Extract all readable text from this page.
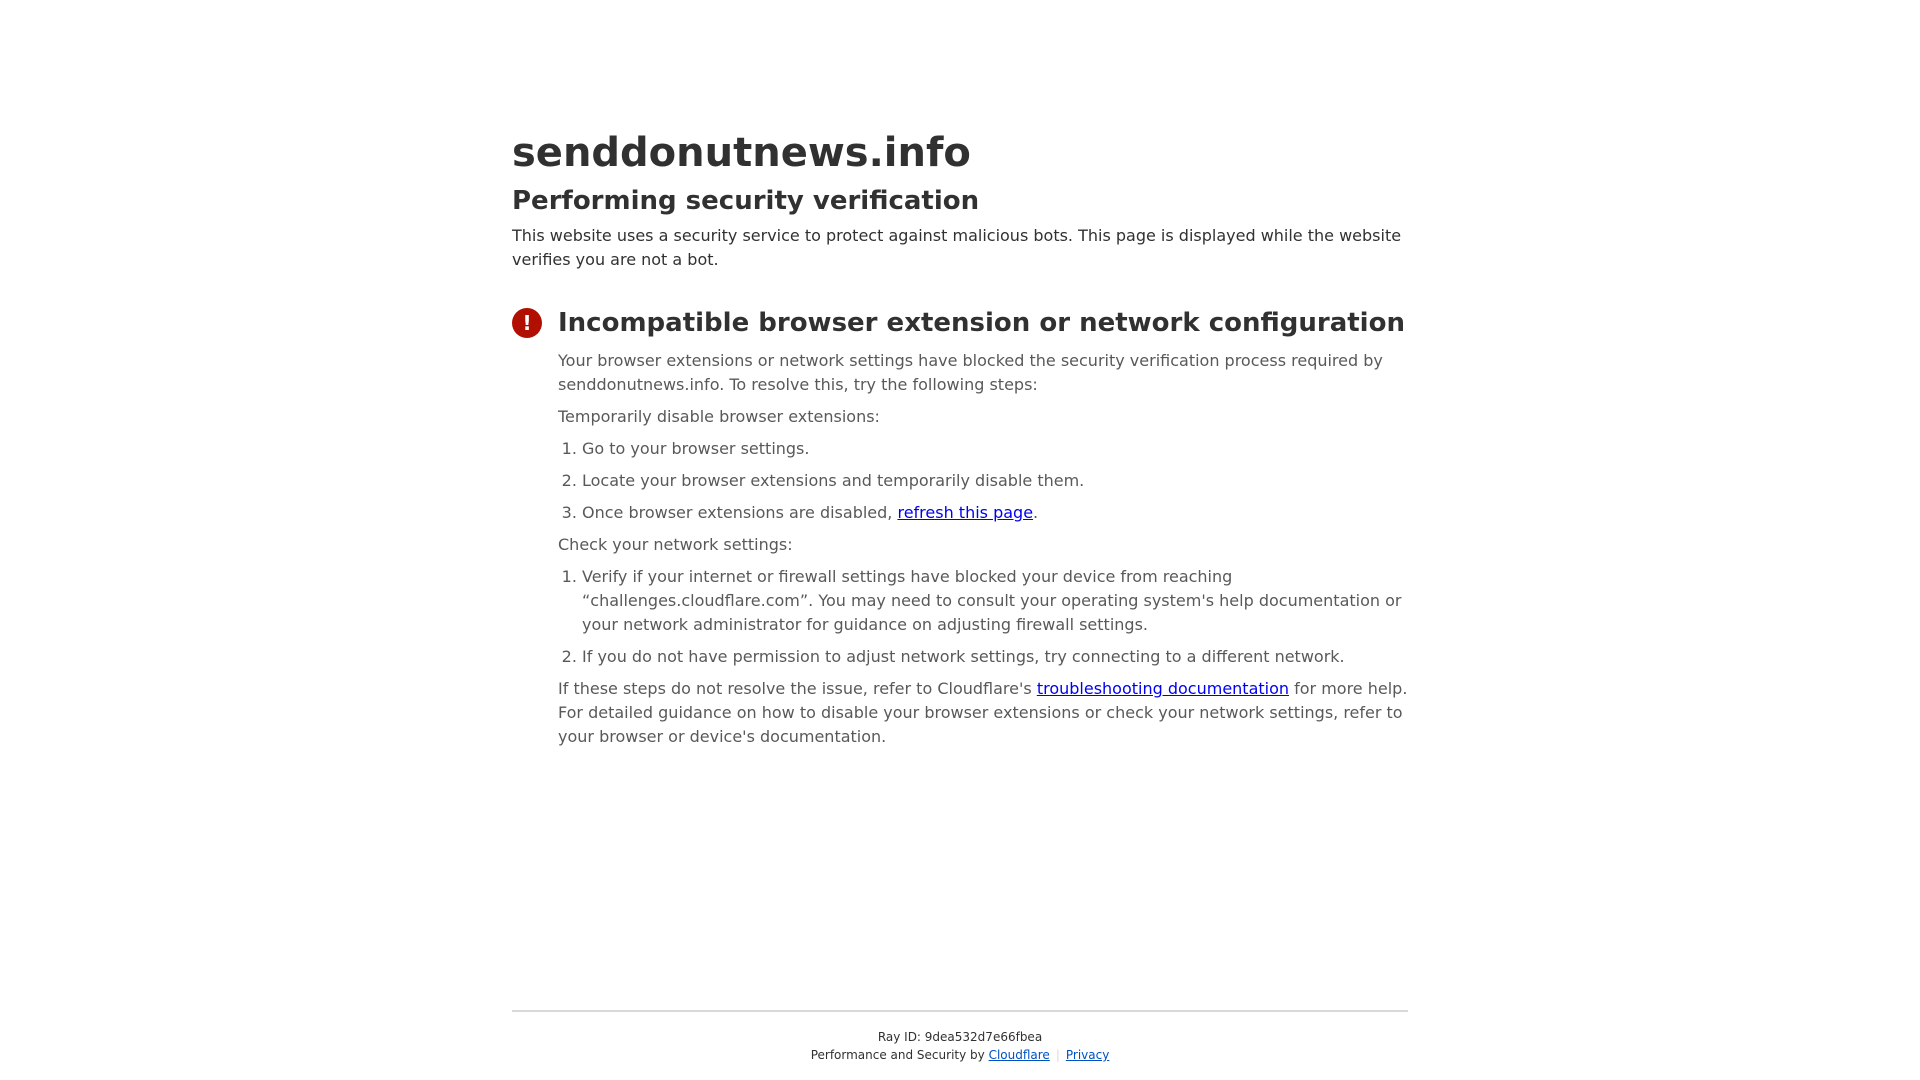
senddonutnews.info
Performing security verification

This website uses a security service to protect against malicious bots. This page is displayed while the website verifies you are not a bot.

!	Incompatible browser extension or network configuration

Your browser extensions or network settings have blocked the security verification process required by senddonutnews.info. To resolve this, try the following steps:

Temporarily disable browser extensions:

1. Go to your browser settings.
2. Locate your browser extensions and temporarily disable them.
3. Once browser extensions are disabled, refresh this page.

Check your network settings:

1. Verify if your internet or firewall settings have blocked your device from reaching “challenges.cloudflare.com”. You may need to consult your operating system's help documentation or your network administrator for guidance on adjusting firewall settings.
2. If you do not have permission to adjust network settings, try connecting to a different network.

If these steps do not resolve the issue, refer to Cloudflare's troubleshooting documentation for more help. For detailed guidance on how to disable your browser extensions or check your network settings, refer to your browser or device's documentation.

Ray ID: 9dea532d7e66fbea
Performance and Security by Cloudflare | Privacy
